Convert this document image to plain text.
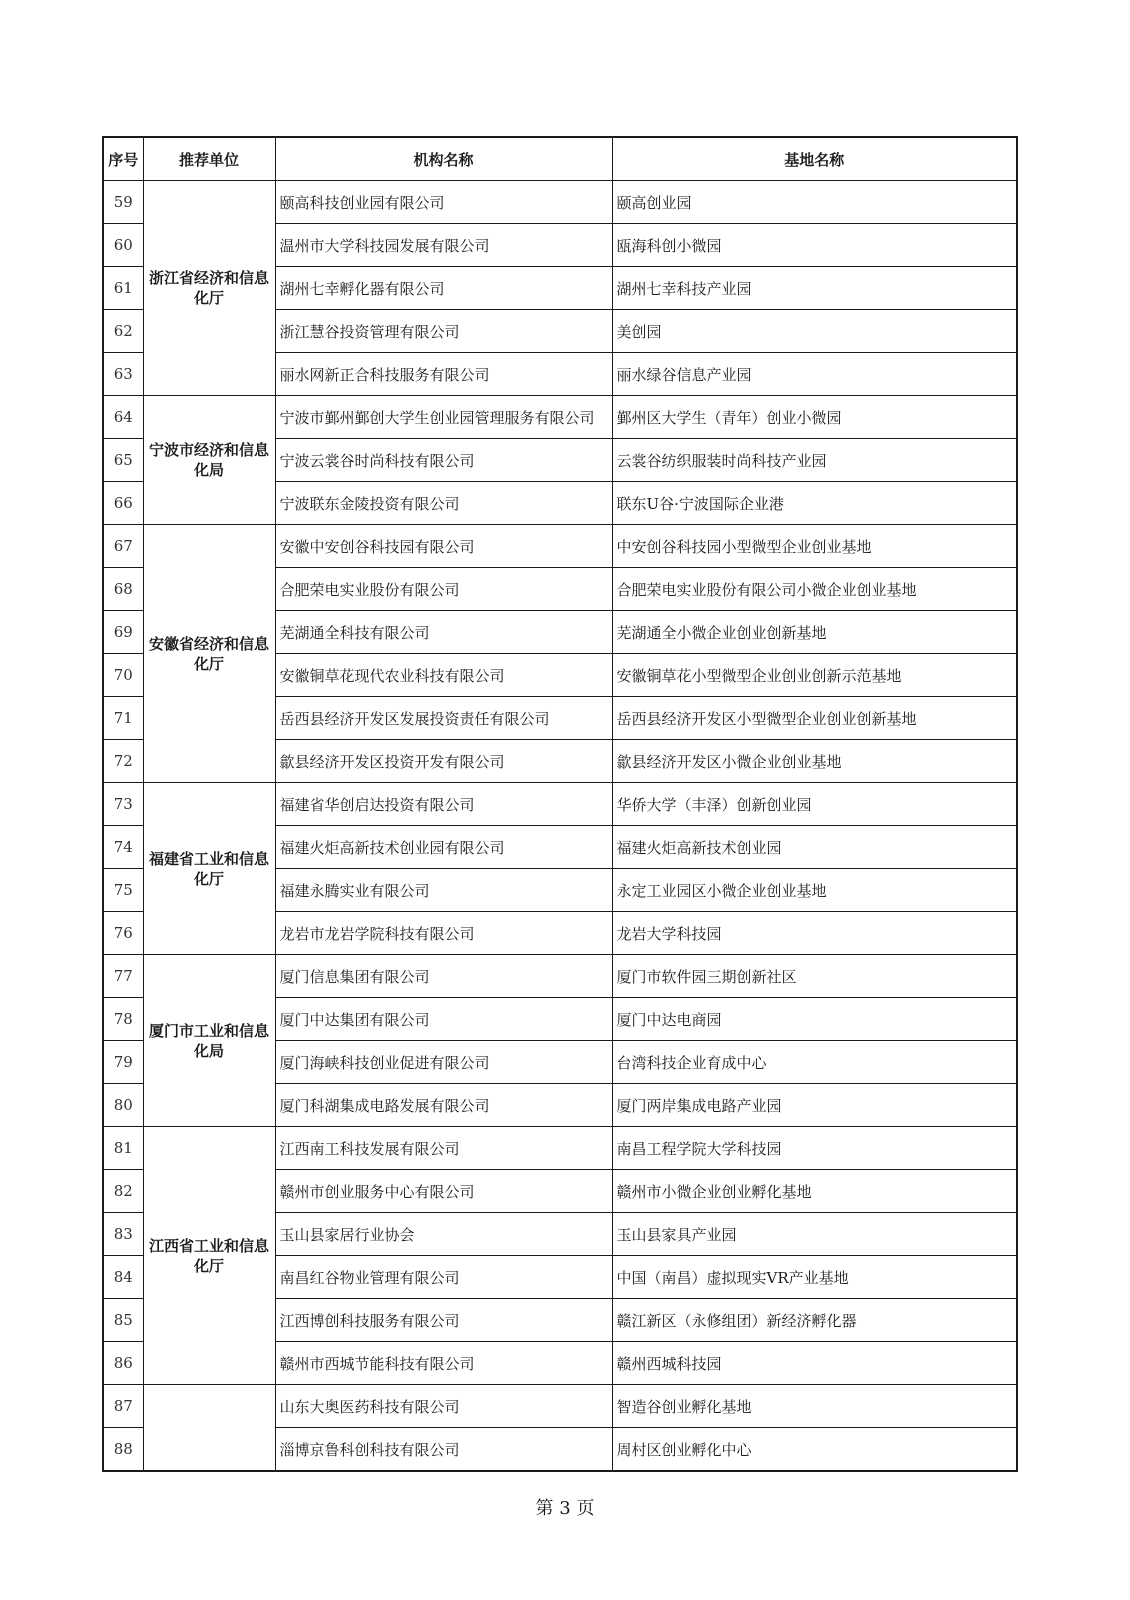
序号	推荐单位	机构名称	基地名称
59	浙江省经济和信息化厅	颐高科技创业园有限公司	颐高创业园
60		温州市大学科技园发展有限公司	瓯海科创小微园
61		湖州七幸孵化器有限公司	湖州七幸科技产业园
62		浙江慧谷投资管理有限公司	美创园
63		丽水网新正合科技服务有限公司	丽水绿谷信息产业园
64	宁波市经济和信息化局	宁波市鄞州鄞创大学生创业园管理服务有限公司	鄞州区大学生（青年）创业小微园
65		宁波云裳谷时尚科技有限公司	云裳谷纺织服装时尚科技产业园
66		宁波联东金陵投资有限公司	联东U谷·宁波国际企业港
67	安徽省经济和信息化厅	安徽中安创谷科技园有限公司	中安创谷科技园小型微型企业创业基地
68		合肥荣电实业股份有限公司	合肥荣电实业股份有限公司小微企业创业基地
69		芜湖通全科技有限公司	芜湖通全小微企业创业创新基地
70		安徽铜草花现代农业科技有限公司	安徽铜草花小型微型企业创业创新示范基地
71		岳西县经济开发区发展投资责任有限公司	岳西县经济开发区小型微型企业创业创新基地
72		歙县经济开发区投资开发有限公司	歙县经济开发区小微企业创业基地
73	福建省工业和信息化厅	福建省华创启达投资有限公司	华侨大学（丰泽）创新创业园
74		福建火炬高新技术创业园有限公司	福建火炬高新技术创业园
75		福建永腾实业有限公司	永定工业园区小微企业创业基地
76		龙岩市龙岩学院科技有限公司	龙岩大学科技园
77	厦门市工业和信息化局	厦门信息集团有限公司	厦门市软件园三期创新社区
78		厦门中达集团有限公司	厦门中达电商园
79		厦门海峡科技创业促进有限公司	台湾科技企业育成中心
80		厦门科湖集成电路发展有限公司	厦门两岸集成电路产业园
81	江西省工业和信息化厅	江西南工科技发展有限公司	南昌工程学院大学科技园
82		赣州市创业服务中心有限公司	赣州市小微企业创业孵化基地
83		玉山县家居行业协会	玉山县家具产业园
84		南昌红谷物业管理有限公司	中国（南昌）虚拟现实VR产业基地
85		江西博创科技服务有限公司	赣江新区（永修组团）新经济孵化器
86		赣州市西城节能科技有限公司	赣州西城科技园
87		山东大奥医药科技有限公司	智造谷创业孵化基地
88		淄博京鲁科创科技有限公司	周村区创业孵化中心
第 3 页
